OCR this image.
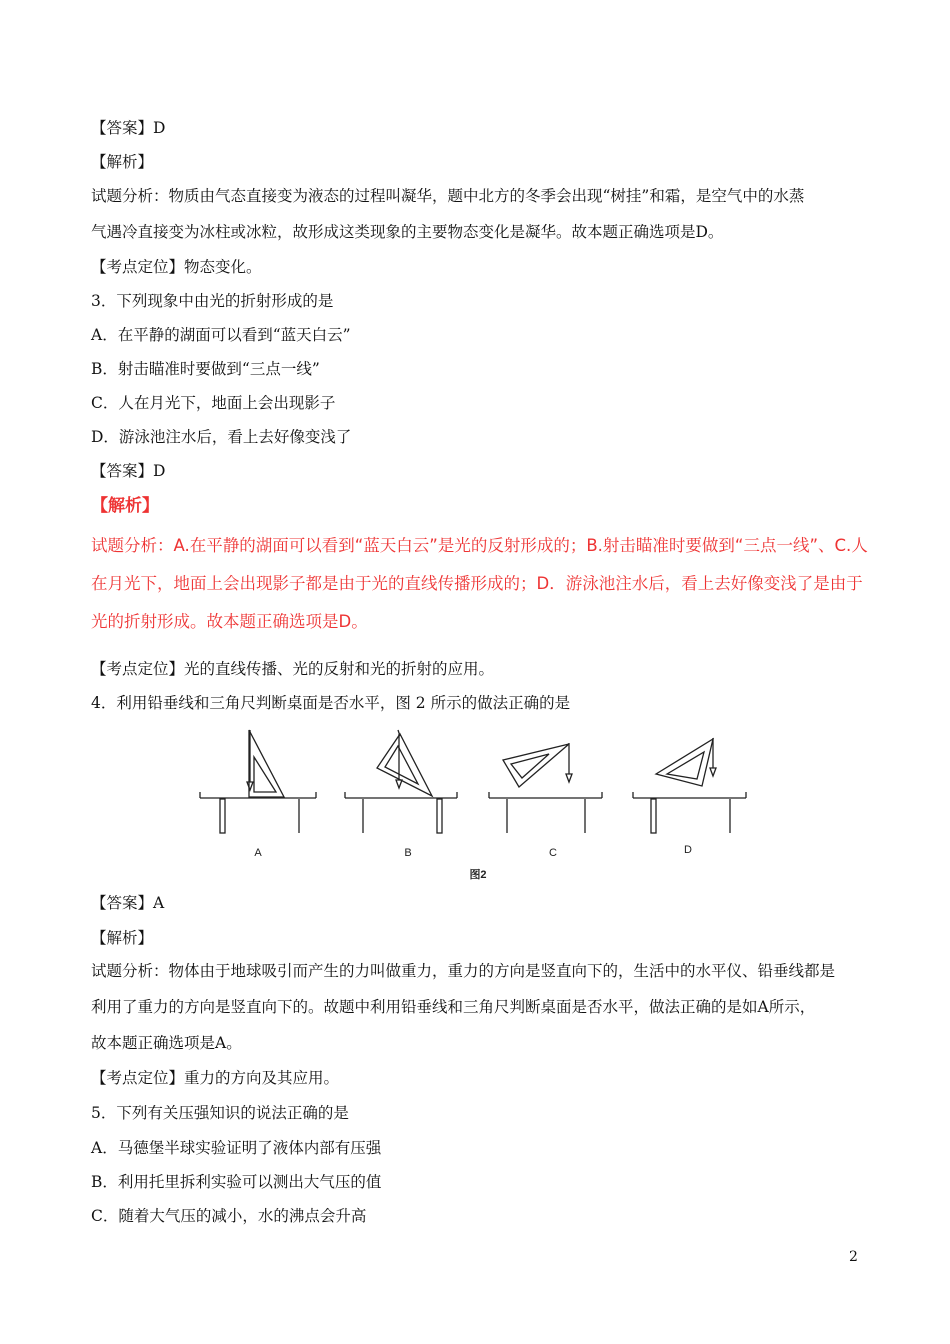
【答案】D
【解析】
试题分析：物质由气态直接变为液态的过程叫凝华，题中北方的冬季会出现“树挂”和霜，是空气中的水蒸
气遇冷直接变为冰柱或冰粒，故形成这类现象的主要物态变化是凝华。故本题正确选项是D。
【考点定位】物态变化。
3．下列现象中由光的折射形成的是
A．在平静的湖面可以看到“蓝天白云”
B．射击瞄准时要做到“三点一线”
C．人在月光下，地面上会出现影子
D．游泳池注水后，看上去好像变浅了
【答案】D
【解析】
试题分析：A.在平静的湖面可以看到“蓝天白云”是光的反射形成的；B.射击瞄准时要做到“三点一线”、C.人
在月光下，地面上会出现影子都是由于光的直线传播形成的；D．游泳池注水后，看上去好像变浅了是由于
光的折射形成。故本题正确选项是D。
【考点定位】光的直线传播、光的反射和光的折射的应用。
4．利用铅垂线和三角尺判断桌面是否水平，图 2 所示的做法正确的是
A	B	C	D
图2
【答案】A
【解析】
试题分析：物体由于地球吸引而产生的力叫做重力，重力的方向是竖直向下的，生活中的水平仪、铅垂线都是
利用了重力的方向是竖直向下的。故题中利用铅垂线和三角尺判断桌面是否水平，做法正确的是如A所示，
故本题正确选项是A。
【考点定位】重力的方向及其应用。
5．下列有关压强知识的说法正确的是
A．马德堡半球实验证明了液体内部有压强
B．利用托里拆利实验可以测出大气压的值
C．随着大气压的减小，水的沸点会升高
2
